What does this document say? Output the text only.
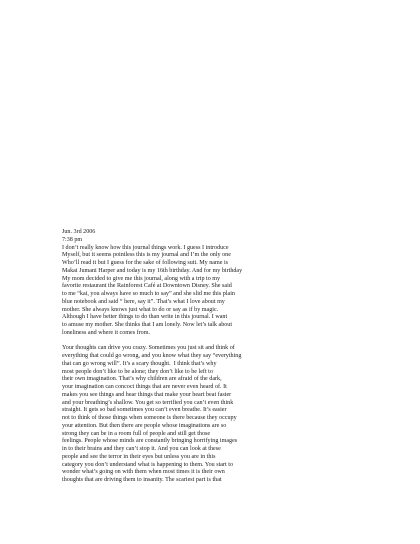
Jun. 3rd 2006
7:38 pm
I don’t really know how this journal things work. I guess I introduce
Myself, but it seems pointless this is my journal and I’m the only one
Who’ll read it but I guess for the sake of following suit. My name is
Makai Jumani Harper and today is my 16th birthday. And for my birthday
My mom decided to give me this journal, along with a trip to my
favorite restaurant the Rainforest Café at Downtown Disney. She said
to me “kai, you always have so much to say” and she slid me this plain
blue notebook and said “ here, say it”. That’s what I love about my
mother. She always knows just what to do or say as if by magic.
Although I have better things to do than write in this journal. I want
to amuse my mother. She thinks that I am lonely. Now let’s talk about
loneliness and where it comes from.
Your thoughts can drive you crazy. Sometimes you just sit and think of
everything that could go wrong, and you know what they say “everything
that can go wrong will”. It’s a scary thought.  I think that’s why
most people don’t like to be alone; they don’t like to be left to
their own imagination. That’s why children are afraid of the dark,
your imagination can concoct things that are never even heard of. It
makes you see things and hear things that make your heart beat faster
and your breathing’s shallow. You get so terrified you can’t even think
straight. It gets so bad sometimes you can’t even breathe. It’s easier
not to think of those things when someone is there because they occupy
your attention. But then there are people whose imaginations are so
strong they can be in a room full of people and still get those
feelings. People whose minds are constantly bringing horrifying images
in to their brains and they can’t stop it. And you can look at these
people and see the terror in their eyes but unless you are in this
category you don’t understand what is happening to them. You start to
wonder what’s going on with them when most times it is their own
thoughts that are driving them to insanity. The scariest part is that
